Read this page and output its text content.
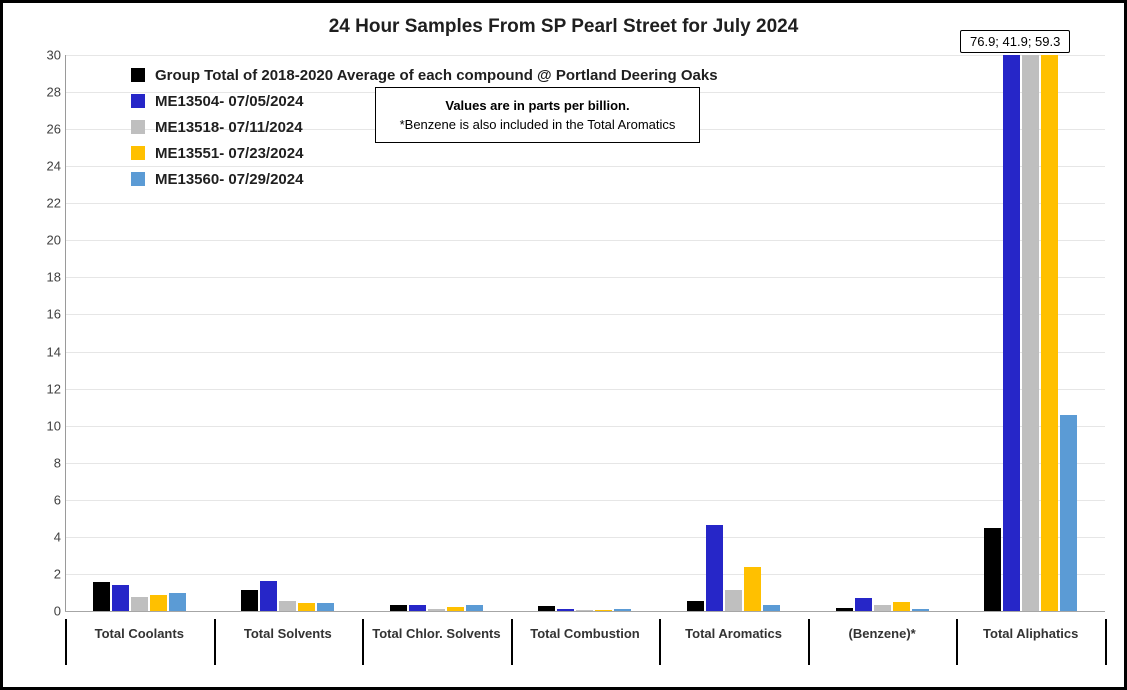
24 Hour Samples From SP Pearl Street for July 2024
0
2
4
6
8
10
12
14
16
18
20
22
24
26
28
30
Total Coolants	Total Solvents	Total Chlor. Solvents	Total Combustion	Total Aromatics	(Benzene)*	Total Aliphatics
Group Total of 2018-2020 Average of each compound @ Portland Deering Oaks
ME13504- 07/05/2024
ME13518- 07/11/2024
ME13551- 07/23/2024
ME13560- 07/29/2024
Values are in parts per billion.
*Benzene is also included in the Total Aromatics
76.9; 41.9; 59.3
